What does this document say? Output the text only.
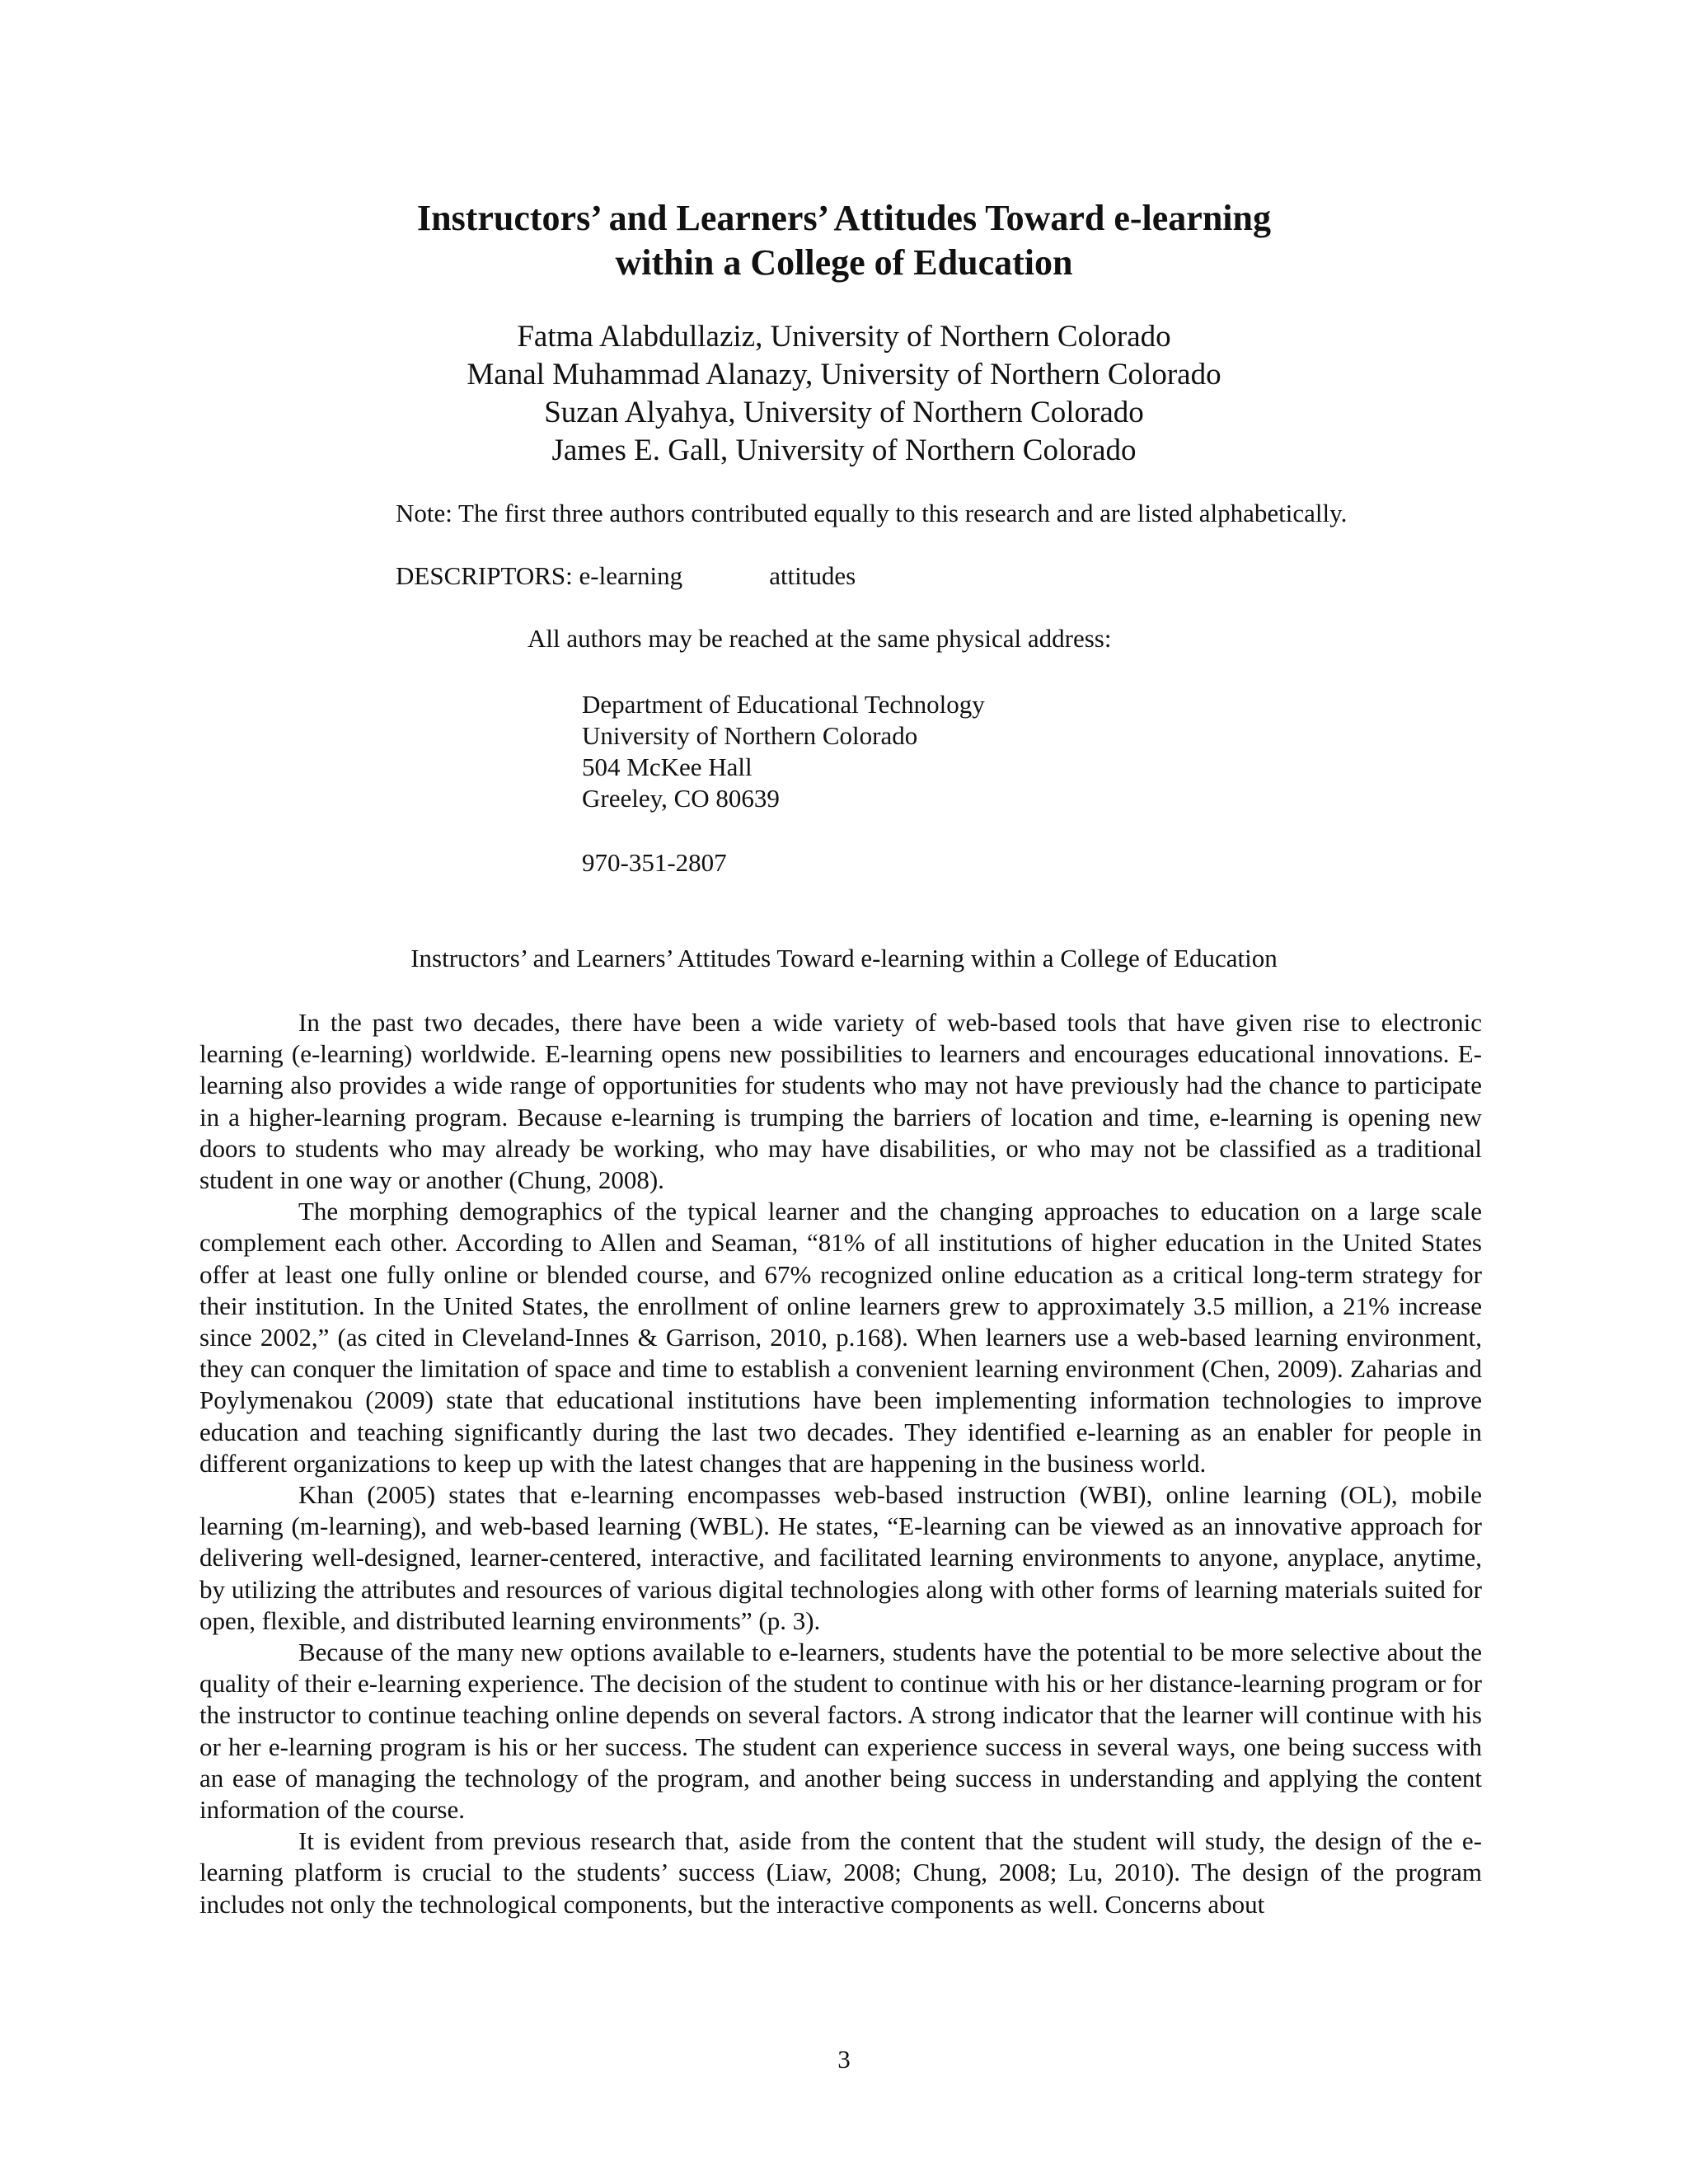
Instructors’ and Learners’ Attitudes Toward e-learning
within a College of Education
Fatma Alabdullaziz, University of Northern Colorado
Manal Muhammad Alanazy, University of Northern Colorado
Suzan Alyahya, University of Northern Colorado
James E. Gall, University of Northern Colorado
Note: The first three authors contributed equally to this research and are listed alphabetically.
DESCRIPTORS: e-learning	attitudes
All authors may be reached at the same physical address:
Department of Educational Technology
University of Northern Colorado
504 McKee Hall
Greeley, CO 80639
970-351-2807
Instructors’ and Learners’ Attitudes Toward e-learning within a College of Education

In the past two decades, there have been a wide variety of web-based tools that have given rise to electronic learning (e-learning) worldwide. E-learning opens new possibilities to learners and encourages educational innovations. E-learning also provides a wide range of opportunities for students who may not have previously had the chance to participate in a higher-learning program. Because e-learning is trumping the barriers of location and time, e-learning is opening new doors to students who may already be working, who may have disabilities, or who may not be classified as a traditional student in one way or another (Chung, 2008).

The morphing demographics of the typical learner and the changing approaches to education on a large scale complement each other. According to Allen and Seaman, “81% of all institutions of higher education in the United States offer at least one fully online or blended course, and 67% recognized online education as a critical long-term strategy for their institution. In the United States, the enrollment of online learners grew to approximately 3.5 million, a 21% increase since 2002,” (as cited in Cleveland-Innes & Garrison, 2010, p.168). When learners use a web-based learning environment, they can conquer the limitation of space and time to establish a convenient learning environment (Chen, 2009). Zaharias and Poylymenakou (2009) state that educational institutions have been implementing information technologies to improve education and teaching significantly during the last two decades. They identified e-learning as an enabler for people in different organizations to keep up with the latest changes that are happening in the business world.

Khan (2005) states that e-learning encompasses web-based instruction (WBI), online learning (OL), mobile learning (m-learning), and web-based learning (WBL). He states, “E-learning can be viewed as an innovative approach for delivering well-designed, learner-centered, interactive, and facilitated learning environments to anyone, anyplace, anytime, by utilizing the attributes and resources of various digital technologies along with other forms of learning materials suited for open, flexible, and distributed learning environments” (p. 3).

Because of the many new options available to e-learners, students have the potential to be more selective about the quality of their e-learning experience. The decision of the student to continue with his or her distance-learning program or for the instructor to continue teaching online depends on several factors. A strong indicator that the learner will continue with his or her e-learning program is his or her success. The student can experience success in several ways, one being success with an ease of managing the technology of the program, and another being success in understanding and applying the content information of the course.

It is evident from previous research that, aside from the content that the student will study, the design of the e-learning platform is crucial to the students’ success (Liaw, 2008; Chung, 2008; Lu, 2010). The design of the program includes not only the technological components, but the interactive components as well. Concerns about

3
